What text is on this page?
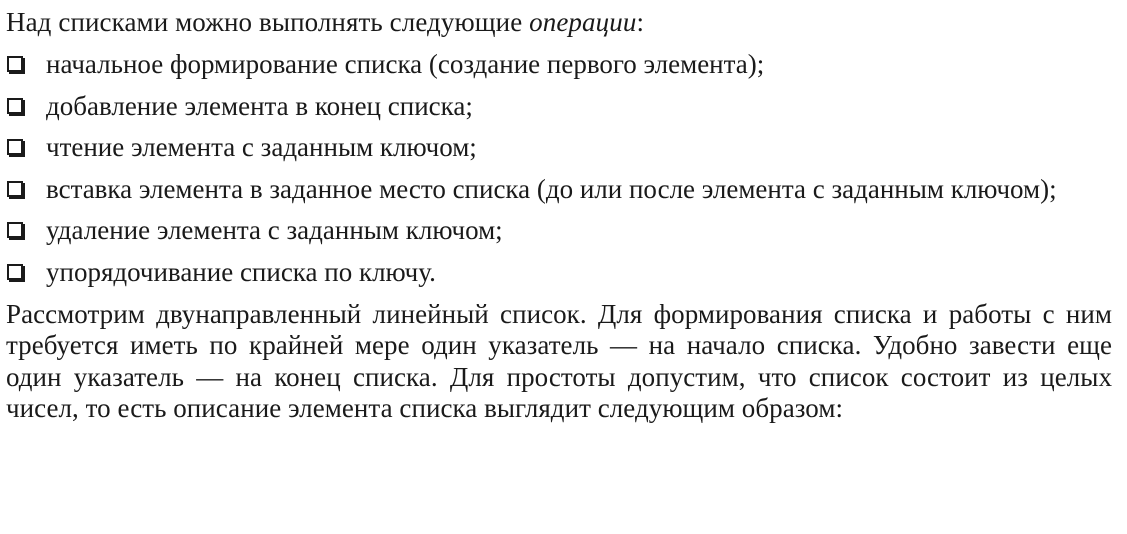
Над списками можно выполнять следующие операции:

начальное формирование списка (создание первого элемента);
добавление элемента в конец списка;
чтение элемента с заданным ключом;
вставка элемента в заданное место списка (до или после элемента с заданным ключом);
удаление элемента с заданным ключом;
упорядочивание списка по ключу.

Рассмотрим двунаправленный линейный список. Для формирования списка и работы с ним требуется иметь по крайней мере один указатель — на начало списка. Удобно завести еще один указатель — на конец списка. Для простоты допустим, что список состоит из целых чисел, то есть описание элемента списка выглядит следующим образом:
